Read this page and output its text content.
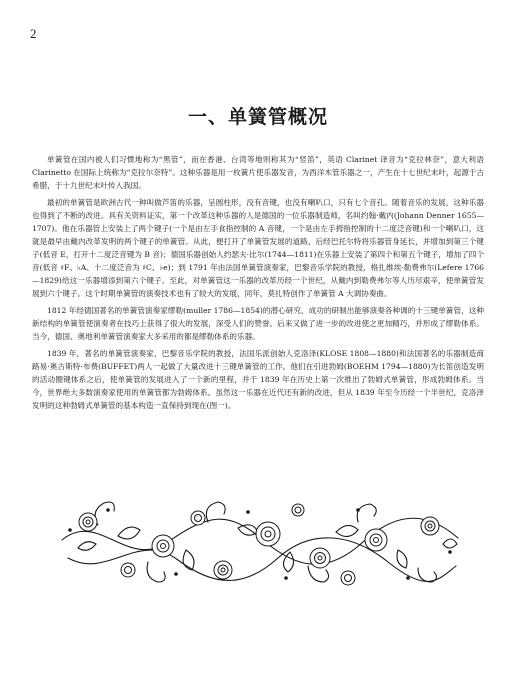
2
一、单簧管概况

单簧管在国内被人们习惯地称为“黑管”，而在香港、台湾等地则称其为“竖笛”，英语 Clarinet 译音为“克拉林奈”，意大利语 Clarinetto 在国际上统称为“克拉尔奈特”。这种乐器是用一枚簧片使乐器发音，为西洋木管乐器之一，产生在十七世纪末叶，起源于古希腊，于十九世纪末叶传入我国。

最初的单簧管是欧洲古代一种叫做芦笛的乐器，呈圆柱形，没有音键，也没有喇叭口，只有七个音孔。随着音乐的发展，这种乐器也得到了不断的改进。具有关资料证实，第一个改革这种乐器的人是德国的一位乐器制造师，名叫约翰·戴内(Johann Denner 1655—1707)。他在乐器管上安装上了两个键子(一个是由左手食指控制的 A 音键，一个是由左手拇指控制的十二度泛音键)和一个喇叭口，这就是最早由戴内改革发明的两个键子的单簧管。从此，便打开了单簧管发展的道路，后经巴托尔特将乐器管身延长，并增加到第三个键子(低音 E，打开十二度泛音键为 B 音)；德国乐器创始人约瑟夫·比尔(1744—1811)在乐器上安装了第四个和第五个键子，增加了四个音(低音 ♯F、♭A、十二度泛音为 ♯C、♭e)；到 1791 年由法国单簧管演奏家，巴黎音乐学院的教授，格扎维埃·勒费弗尔(Lefere 1766—1829)给这一乐器增添到第六个键子。至此，对单簧管这一乐器的改革历经一个世纪，从戴内到勒费弗尔等人历尽艰辛，使单簧管发展到六个键子。这个时期单簧管的演奏技术也有了较大的发展，同年，莫扎特创作了单簧管 A 大调协奏曲。

1812 年经德国著名的单簧管演奏家缪勒(muller 1786—1854)的潜心研究，成功的研制出能够演奏各种调的十三键单簧管，这种新结构的单簧管使演奏者在技巧上获得了很大的发展，深受人们的赞誉。后来又做了进一步的改进使之更加精巧，并形成了缪勒体系。当今，德国、奥地利单簧管演奏家大多采用的都是缪勒体系的乐器。

1839 年，著名的单簧管演奏家，巴黎音乐学院的教授，法国乐派创始人克洛泽(KLOSE 1808—1880)和法国著名的乐器制造商路易·奥古斯特·布费(BUFFET)两人一起做了大量改进十三键单簧管的工作。他们在引进勃姆(BOEHM 1794—1880)为长笛创造发明的活动圈键体系之后，使单簧管的发展进入了一个新的里程，并于 1839 年在历史上第一次推出了勃姆式单簧管，形成勃姆体系。当今，世界绝大多数演奏家使用的单簧管都为勃姆体系。虽然这一乐器在近代还有新的改进，但从 1839 年至今历经一个半世纪，克洛泽发明的这种勃姆式单簧管的基本构造一直保持到现在(图一)。
